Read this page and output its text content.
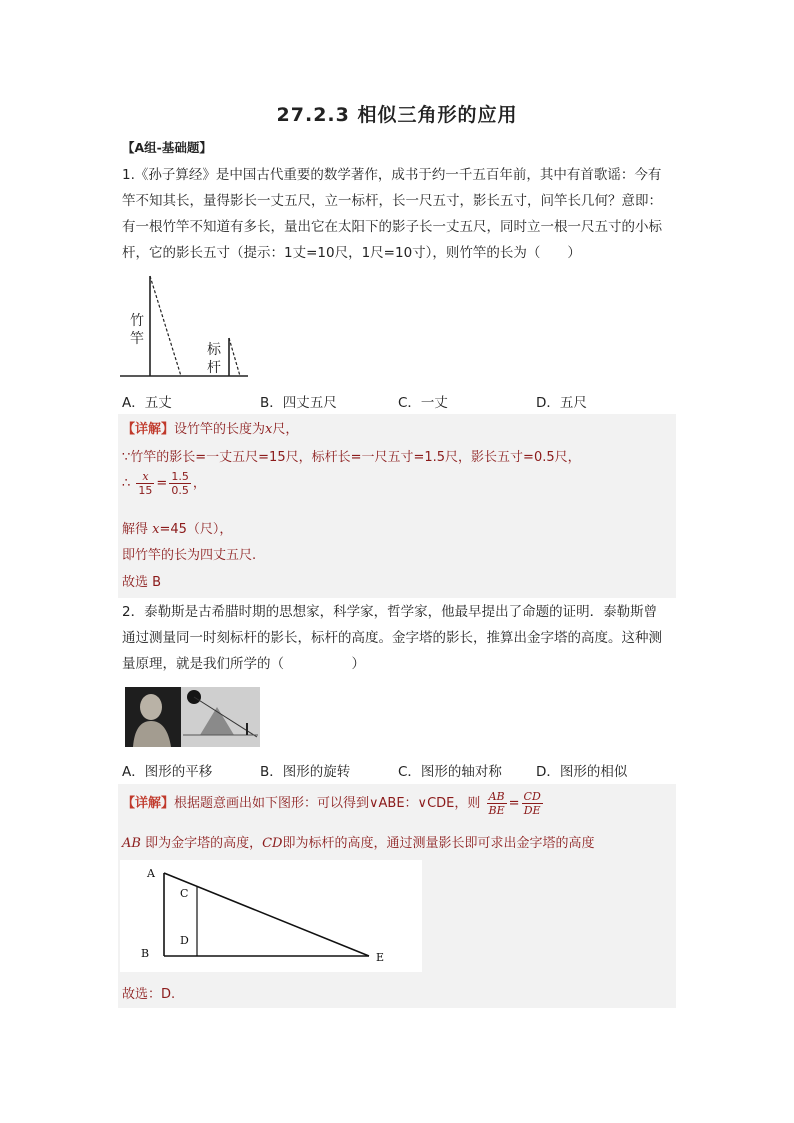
27.2.3 相似三角形的应用
【A组-基础题】
1.《孙子算经》是中国古代重要的数学著作，成书于约一千五百年前，其中有首歌谣：今有
竿不知其长，量得影长一丈五尺，立一标杆，长一尺五寸，影长五寸，问竿长几何？意即：
有一根竹竿不知道有多长，量出它在太阳下的影子长一丈五尺，同时立一根一尺五寸的小标
杆，它的影长五寸（提示：1丈=10尺，1尺=10寸），则竹竿的长为（　　）
竹
竿
标
杆
A．五丈	B．四丈五尺	C．一丈	D．五尺
【详解】设竹竿的长度为x尺，
∵竹竿的影长=一丈五尺=15尺，标杆长=一尺五寸=1.5尺，影长五寸=0.5尺，
∴ $\frac{x}{15} = \frac{1.5}{0.5}$ ，
解得 x=45（尺），
即竹竿的长为四丈五尺.
故选 B
2．泰勒斯是古希腊时期的思想家，科学家，哲学家，他最早提出了命题的证明．泰勒斯曾
通过测量同一时刻标杆的影长，标杆的高度。金字塔的影长，推算出金字塔的高度。这种测
量原理，就是我们所学的（　　　　　）
A．图形的平移	B．图形的旋转	C．图形的轴对称	D．图形的相似
【详解】根据题意画出如下图形：可以得到∨ABE：∨CDE，则 $\frac{AB}{BE} = \frac{CD}{DE}$
AB 即为金字塔的高度，CD即为标杆的高度，通过测量影长即可求出金字塔的高度
A
B
C
D
E
故选：D.
